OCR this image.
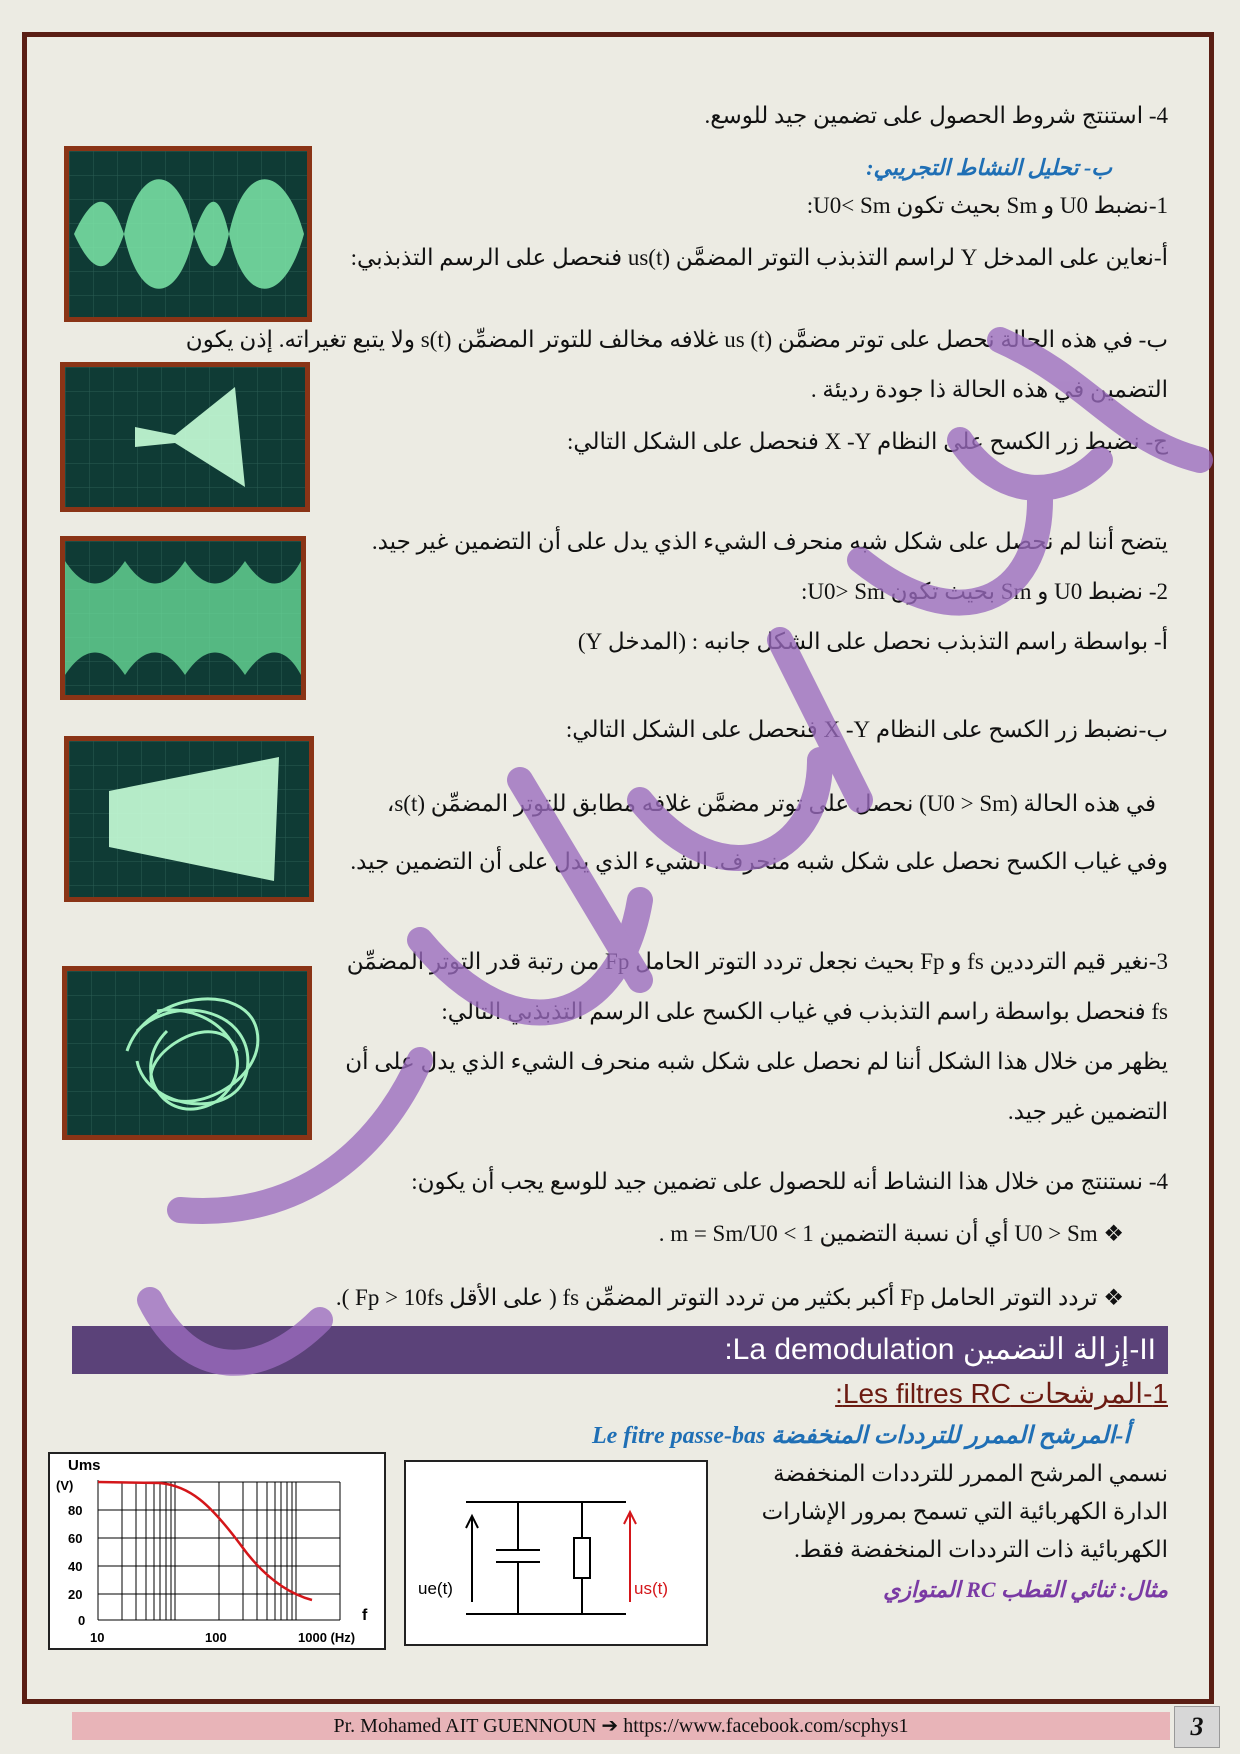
4- استنتج شروط الحصول على تضمين جيد للوسع.
ب- تحليل النشاط التجريبي:
1-نضبط U0 و Sm بحيث تكون U0< Sm:
أ-نعاين على المدخل Y لراسم التذبذب التوتر المضمَّن us(t) فنحصل على الرسم التذبذبي:
ب- في هذه الحالة نحصل على توتر مضمَّن us (t) غلافه مخالف للتوتر المضمِّن s(t) ولا يتبع تغيراته. إذن يكون
التضمين في هذه الحالة ذا جودة رديئة .
ج- نضبط زر الكسح على النظام X -Y فنحصل على الشكل التالي:
يتضح أننا لم نحصل على شكل شبه منحرف الشيء الذي يدل على أن التضمين غير جيد.
2- نضبط U0 و Sm بحيث تكون U0> Sm:
أ- بواسطة راسم التذبذب نحصل على الشكل جانبه : (المدخل Y)
ب-نضبط زر الكسح على النظام X -Y فنحصل على الشكل التالي:
في هذه الحالة (U0 > Sm) نحصل على توتر مضمَّن غلافه مطابق للتوتر المضمِّن s(t)،
وفي غياب الكسح نحصل على شكل شبه منحرف. الشيء الذي يدل على أن التضمين جيد.
3-نغير قيم الترددين fs و Fp بحيث نجعل تردد التوتر الحامل Fp من رتبة قدر التوتر المضمِّن
fs فنحصل بواسطة راسم التذبذب في غياب الكسح على الرسم التذبذبي التالي:
يظهر من خلال هذا الشكل أننا لم نحصل على شكل شبه منحرف الشيء الذي يدل على أن
التضمين غير جيد.
4- نستنتج من خلال هذا النشاط أنه للحصول على تضمين جيد للوسع يجب أن يكون:
❖ U0 > Sm أي أن نسبة التضمين m = Sm/U0 < 1 .
❖ تردد التوتر الحامل Fp أكبر بكثير من تردد التوتر المضمِّن fs ( على الأقل Fp > 10fs ).
II-إزالة التضمين La demodulation:
1-المرشحات Les filtres RC:
أ-المرشح الممرر للترددات المنخفضة Le fitre passe-bas
نسمي المرشح الممرر للترددات المنخفضة
الدارة الكهربائية التي تسمح بمرور الإشارات
الكهربائية ذات الترددات المنخفضة فقط.
مثال: ثنائي القطب RC المتوازي
Ums
(V)
80
60
40
20
0
10	100	1000 (Hz)
f
ue(t)	us(t)
Pr. Mohamed AIT GUENNOUN ➔ https://www.facebook.com/scphys1	3
